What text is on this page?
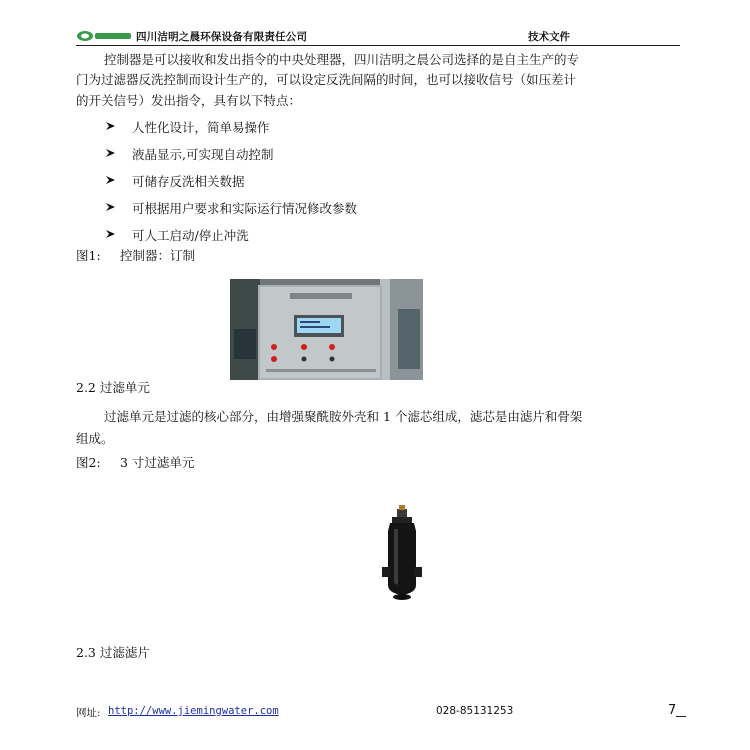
四川洁明之晨环保设备有限责任公司	技术文件
控制器是可以接收和发出指令的中央处理器，四川洁明之晨公司选择的是自主生产的专
门为过滤器反洗控制而设计生产的，可以设定反洗间隔的时间，也可以接收信号（如压差计
的开关信号）发出指令，具有以下特点：
人性化设计，简单易操作
液晶显示,可实现自动控制
可储存反洗相关数据
可根据用户要求和实际运行情况修改参数
可人工启动/停止冲洗
图1: 控制器：订制
2.2 过滤单元
过滤单元是过滤的核心部分，由增强聚酰胺外壳和 1 个滤芯组成，滤芯是由滤片和骨架
组成。
图2: 3 寸过滤单元
2.3 过滤滤片
网址: http://www.jiemingwater.com	028-85131253	7
